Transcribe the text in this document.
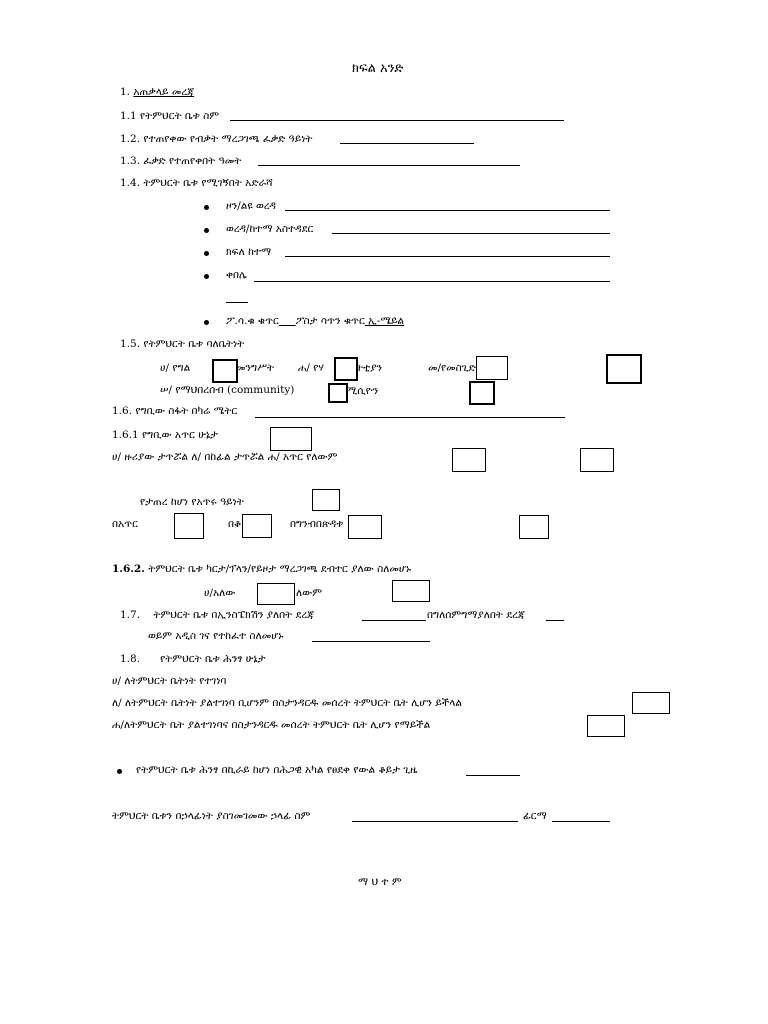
ክፍል አንድ
1. አጠቃላይ መረጃ
1.1 የትምህርት ቤቱ ስም
1.2. የተጠየቀው የብቃት ማረጋገጫ ፈቃድ ዓይነት
1.3. ፈቃድ የተጠየቀበት ዓመት
1.4. ትምህርት ቤቱ የሚገኝበት አድራሻ
ዞን/ልዩ ወረዳ
ወረዳ/ከተማ አስተዳደር
ክፍለ ከተማ
ቀበሌ
ፖ.ሳ.ቁ ቁጥር ፖስታ ሳጥን ቁጥር ኢ-ሜይል
1.5. የትምህርት ቤቱ ባለቤትነት
ሀ/ የግል	መንግሥት ሐ/ የሃ	ትቲያን	መ/የመስጊድ
ሠ/ የማህበረሰብ (community)	ሚሲዮን
1.6. የግቢው ስፋት በካሬ ሜትር
1.6.1 የግቢው አጥር ሁኔታ
ሀ/ ዙሪያው ታጥሯል ለ/ በከፊል ታጥሯል ሐ/ አጥር የለውም
የታጠረ ከሆነ የአጥሩ ዓይነት
በአጥር	በቆ	በግንብበጽዳቱ
1.6.2. ትምህርት ቤቱ ካርታ/ፕላን/የይዞታ ማረጋገጫ ደብተር ያለው ስለመሆኑ
ሀ/አለው	ለውም
1.7. ትምህርት ቤቱ በኢንስፔክሽን ያለበት ደረጃ	በግለሰምግማያለበት ደረጃ
ወይም አዲስ ገና የተከፈተ ስለመሆኑ
1.8. የትምህርት ቤቱ ሕንፃ ሁኔታ
ሀ/ ለትምህርት ቤትነት የተገነባ
ለ/ ለትምህርት ቤትነት ያልተገነባ ቢሆንም በስታንዳርዱ መሰረት ትምህርት ቤት ሊሆን ይችላል
ሐ/ለትምህርት ቤት ያልተገነባና በስታንዳርዱ መሰረት ትምህርት ቤት ሊሆን የማይችል
የትምህርት ቤቱ ሕንፃ በኪራይ ከሆነ በሕጋዊ አካል የፀደቀ የውል ቆይታ ጊዜ
ትምህርት ቤቱን በኃላፊነት ያስገመገመው ኃላፊ ስም	ፊርማ
ማ ህ ተ ም
